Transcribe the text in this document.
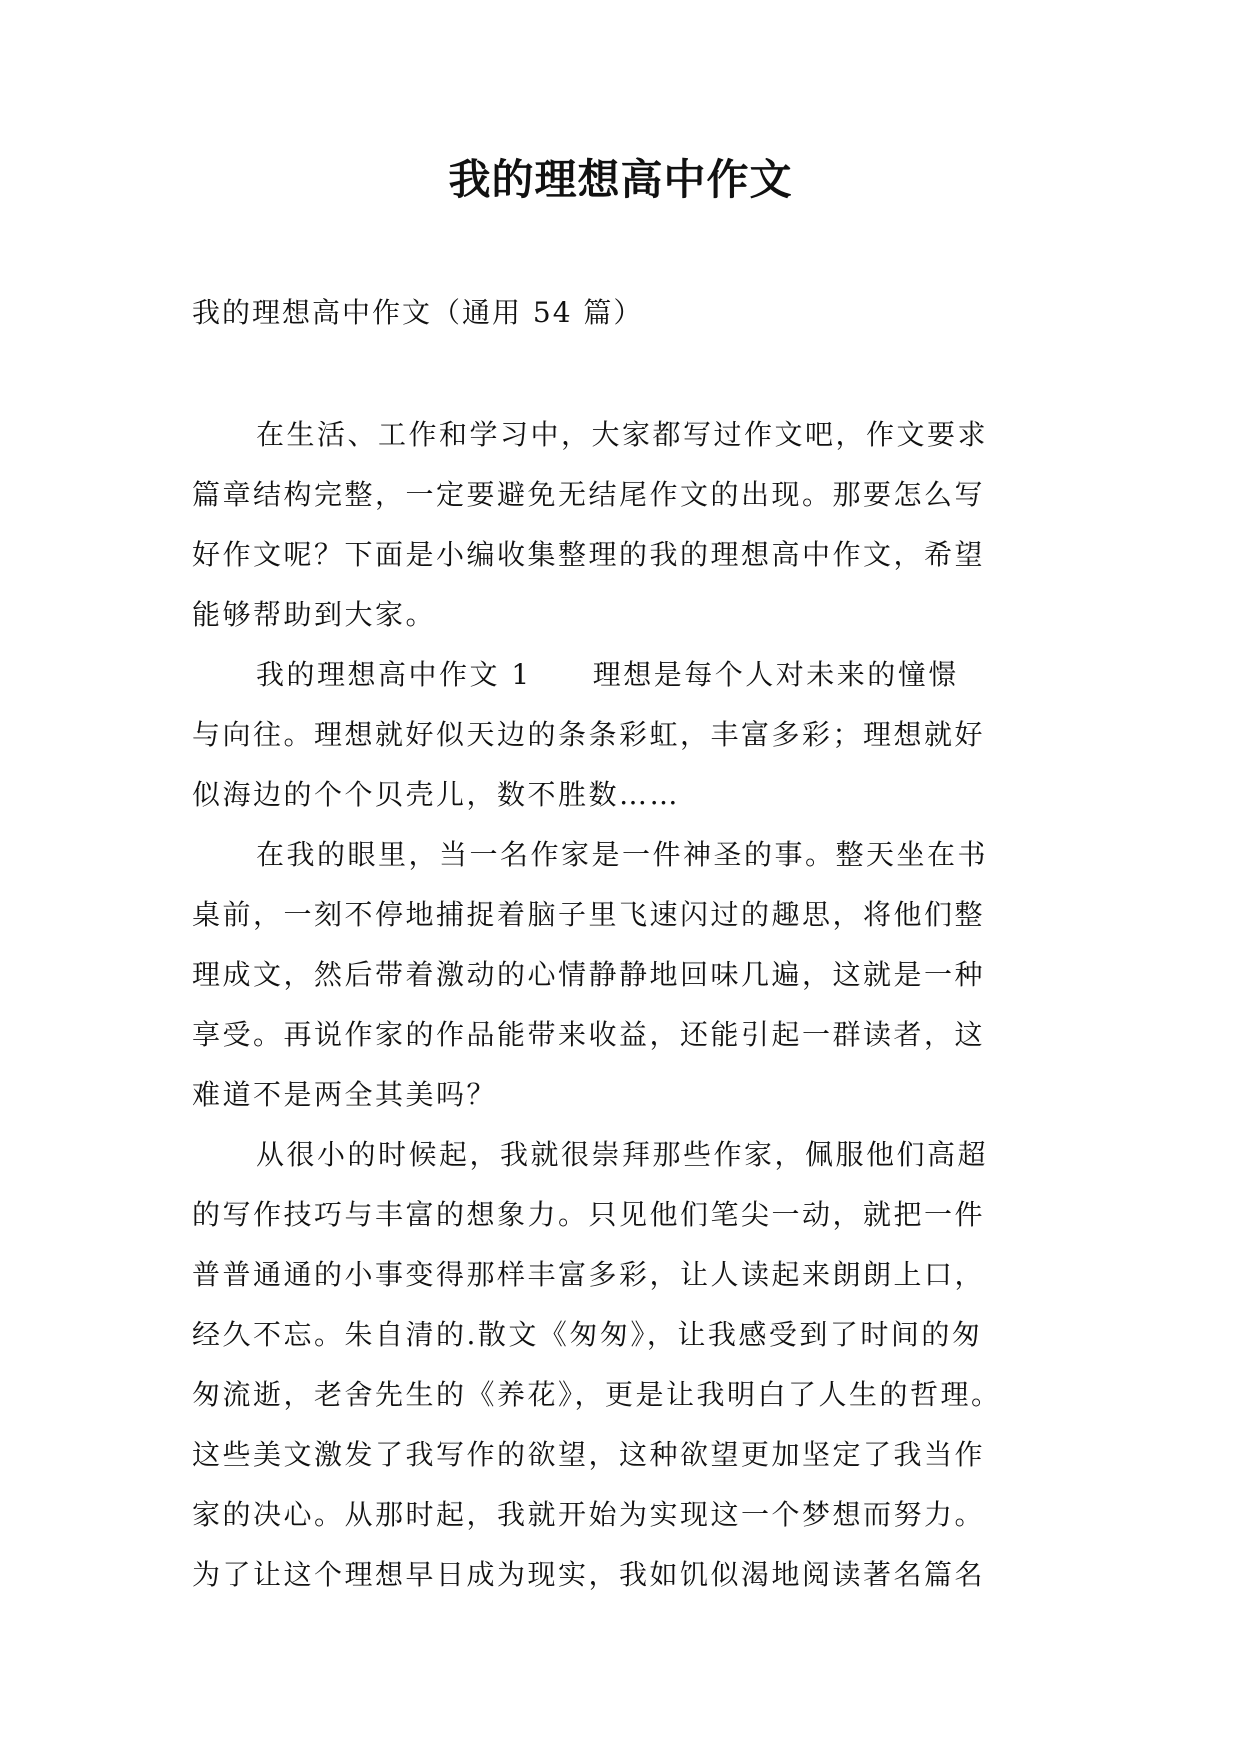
我的理想高中作文
我的理想高中作文（通用 54 篇）
在生活、工作和学习中，大家都写过作文吧，作文要求
篇章结构完整，一定要避免无结尾作文的出现。那要怎么写
好作文呢？下面是小编收集整理的我的理想高中作文，希望
能够帮助到大家。
我的理想高中作文 1　　理想是每个人对未来的憧憬
与向往。理想就好似天边的条条彩虹，丰富多彩；理想就好
似海边的个个贝壳儿，数不胜数……
在我的眼里，当一名作家是一件神圣的事。整天坐在书
桌前，一刻不停地捕捉着脑子里飞速闪过的趣思，将他们整
理成文，然后带着激动的心情静静地回味几遍，这就是一种
享受。再说作家的作品能带来收益，还能引起一群读者，这
难道不是两全其美吗？
从很小的时候起，我就很崇拜那些作家，佩服他们高超
的写作技巧与丰富的想象力。只见他们笔尖一动，就把一件
普普通通的小事变得那样丰富多彩，让人读起来朗朗上口，
经久不忘。朱自清的.散文《匆匆》，让我感受到了时间的匆
匆流逝，老舍先生的《养花》，更是让我明白了人生的哲理。
这些美文激发了我写作的欲望，这种欲望更加坚定了我当作
家的决心。从那时起，我就开始为实现这一个梦想而努力。
为了让这个理想早日成为现实，我如饥似渴地阅读著名篇名
